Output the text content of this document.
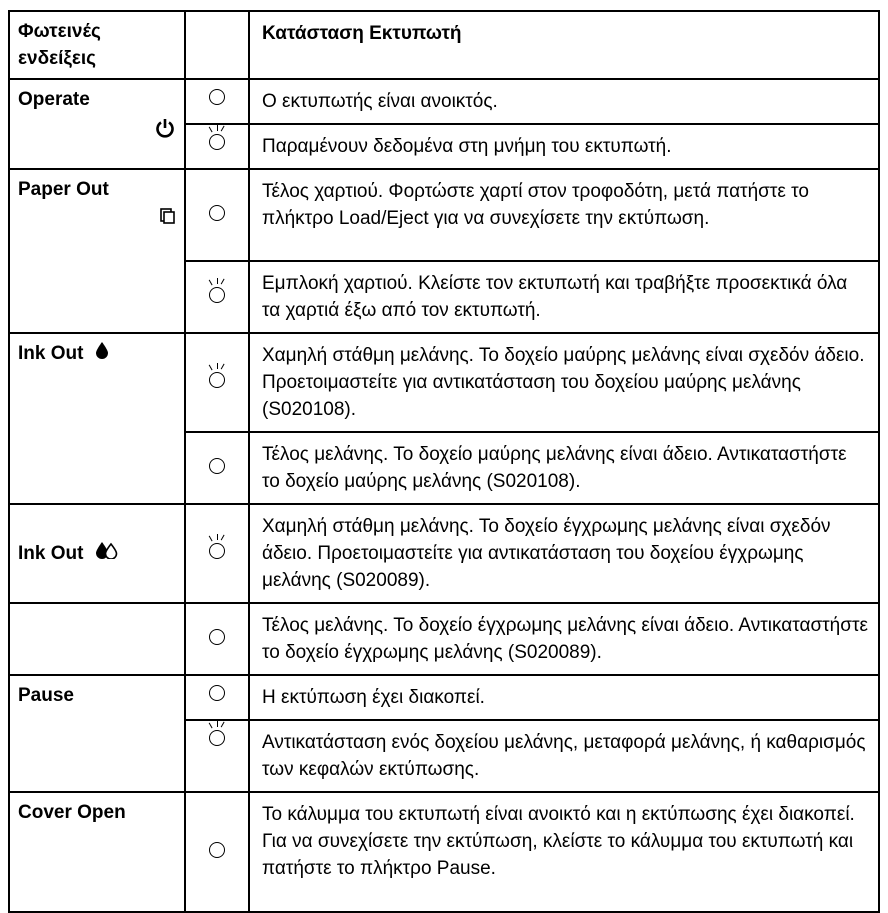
Φωτεινές
ενδείξεις		Κατάσταση Εκτυπωτή

Operate		Ο εκτυπωτής είναι ανοικτός.

		Παραμένουν δεδομένα στη μνήμη του εκτυπωτή.

Paper Out		Τέλος χαρτιού. Φορτώστε χαρτί στον τροφοδότη, μετά πατήστε το πλήκτρο Load/Eject για να συνεχίσετε την εκτύπωση.

		Εμπλοκή χαρτιού. Κλείστε τον εκτυπωτή και τραβήξτε προσεκτικά όλα τα χαρτιά έξω από τον εκτυπωτή.
Ink Out		Χαμηλή στάθμη μελάνης. Το δοχείο μαύρης μελάνης είναι σχεδόν άδειο. Προετοιμαστείτε για αντικατάσταση του δοχείου μαύρης μελάνης (S020108).
		Τέλος μελάνης. Το δοχείο μαύρης μελάνης είναι άδειο. Αντικαταστήστε το δοχείο μαύρης μελάνης (S020108).
Ink Out		Χαμηλή στάθμη μελάνης. Το δοχείο έγχρωμης μελάνης είναι σχεδόν άδειο. Προετοιμαστείτε για αντικατάσταση του δοχείου έγχρωμης μελάνης (S020089).
		Τέλος μελάνης. Το δοχείο έγχρωμης μελάνης είναι άδειο. Αντικαταστήστε το δοχείο έγχρωμης μελάνης (S020089).
Pause		Η εκτύπωση έχει διακοπεί.

		Αντικατάσταση ενός δοχείου μελάνης, μεταφορά μελάνης, ή καθαρισμός των κεφαλών εκτύπωσης.
Cover Open		Το κάλυμμα του εκτυπωτή είναι ανοικτό και η εκτύπωσης έχει διακοπεί. Για να συνεχίσετε την εκτύπωση, κλείστε το κάλυμμα του εκτυπωτή και πατήστε το πλήκτρο Pause.
